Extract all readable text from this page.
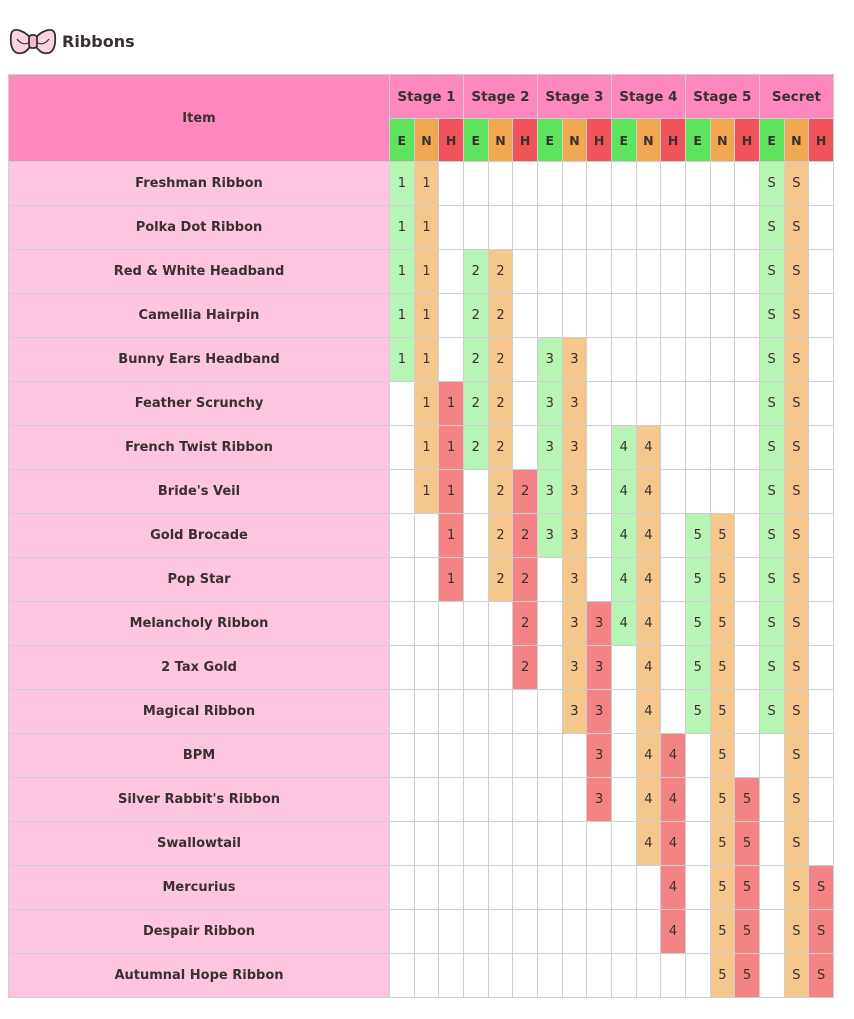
Ribbons
Item	Stage 1			Stage 2			Stage 3			Stage 4			Stage 5			Secret		
	E	N	H	E	N	H	E	N	H	E	N	H	E	N	H	E	N	H
Freshman Ribbon	1	1														S	S	
Polka Dot Ribbon	1	1														S	S	
Red & White Headband	1	1		2	2											S	S	
Camellia Hairpin	1	1		2	2											S	S	
Bunny Ears Headband	1	1		2	2		3	3								S	S	
Feather Scrunchy		1	1	2	2		3	3								S	S	
French Twist Ribbon		1	1	2	2		3	3		4	4					S	S	
Bride's Veil		1	1		2	2	3	3		4	4					S	S	
Gold Brocade			1		2	2	3	3		4	4		5	5		S	S	
Pop Star			1		2	2		3		4	4		5	5		S	S	
Melancholy Ribbon						2		3	3	4	4		5	5		S	S	
2 Tax Gold						2		3	3		4		5	5		S	S	
Magical Ribbon								3	3		4		5	5		S	S	
BPM									3		4	4		5			S	
Silver Rabbit's Ribbon									3		4	4		5	5		S	
Swallowtail											4	4		5	5		S	
Mercurius												4		5	5		S	S
Despair Ribbon												4		5	5		S	S
Autumnal Hope Ribbon														5	5		S	S
